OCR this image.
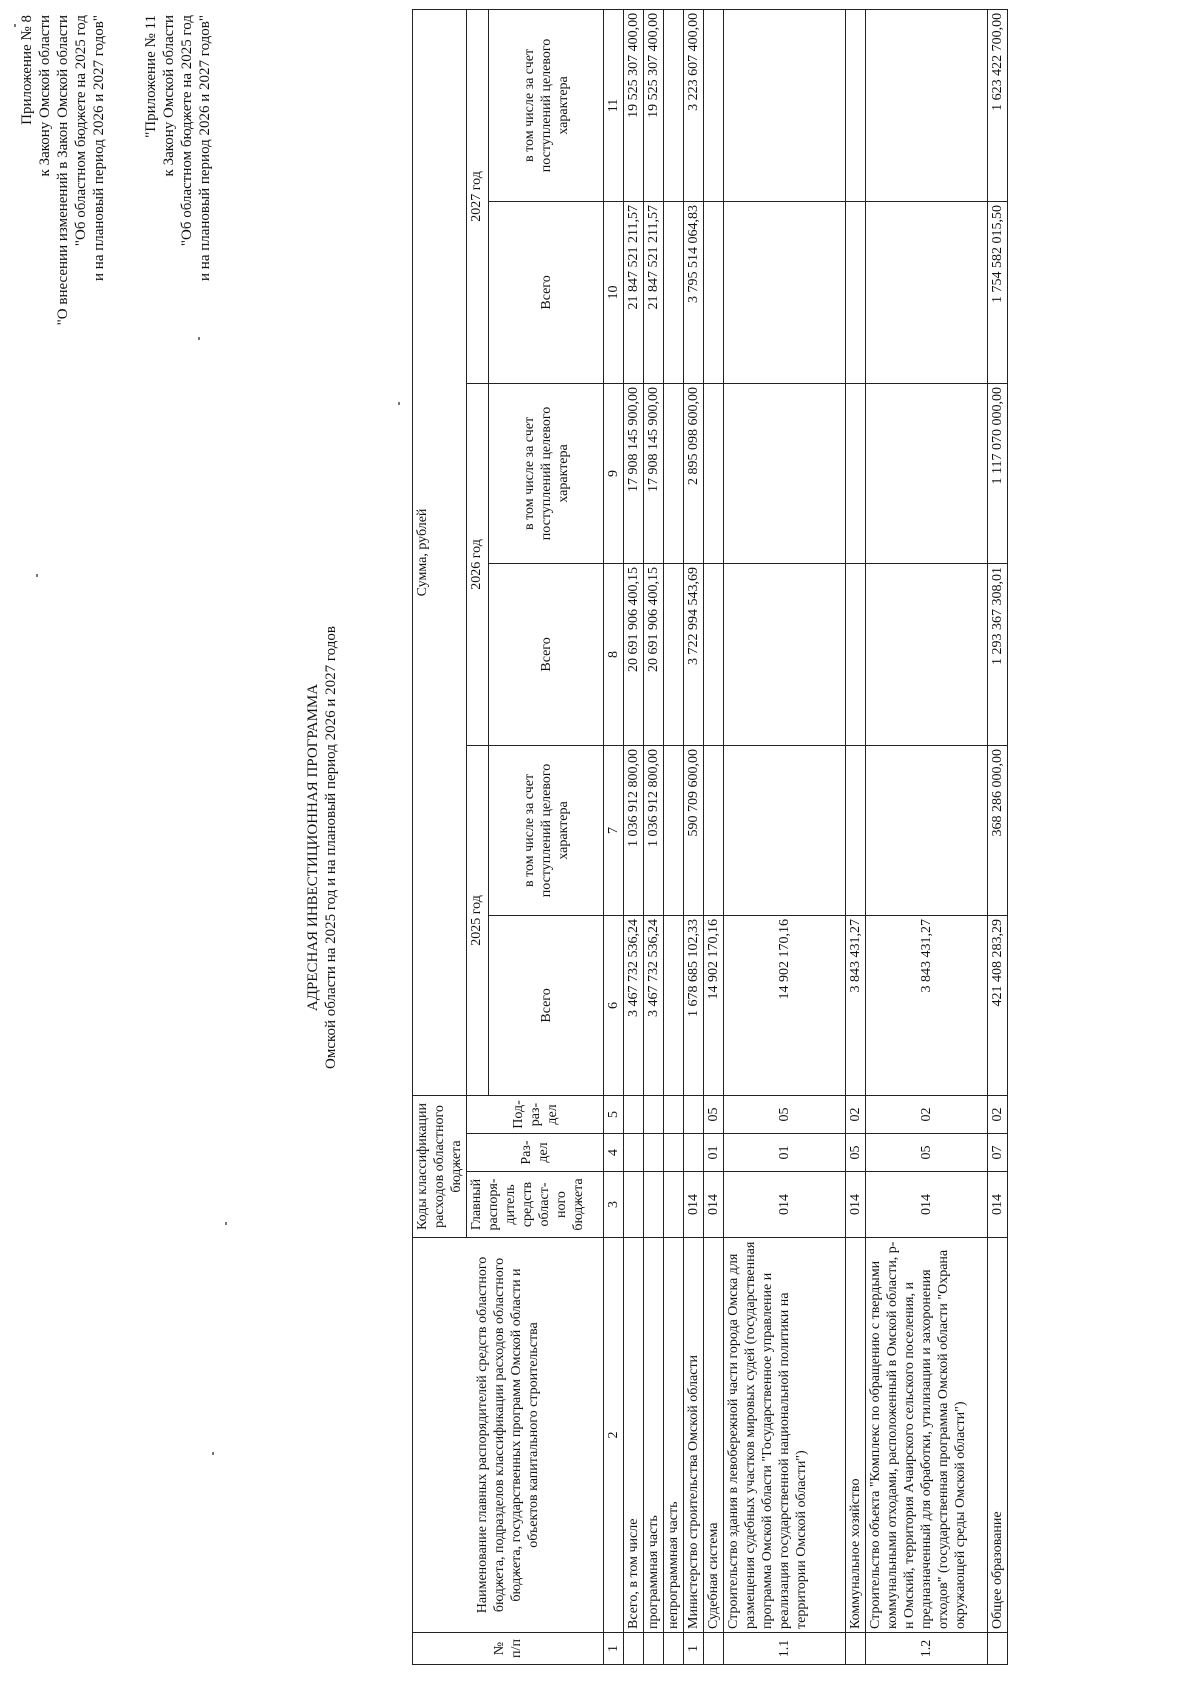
Приложение № 8 к Закону Омской области "О внесении изменений в Закон Омской области "Об областном бюджете на 2025 год и на плановый период 2026 и 2027 годов" "Приложение № 11 к Закону Омской области "Об областном бюджете на 2025 год и на плановый период 2026 и 2027 годов"
АДРЕСНАЯ ИНВЕСТИЦИОННАЯ ПРОГРАММА Омской области на 2025 год и на плановый период 2026 и 2027 годов
№ п/п	Наименование главных распорядителей средств областного бюджета, подразделов классификации расходов областного бюджета, государственных программ Омской области и объектов капитального строительства	Коды классификации расходов областного бюджета			Сумма, рублей					
		Главный распоря-дитель средств област-ного бюджета	Раз-дел	Под-раз-дел	2025 год		2026 год		2027 год	
					Всего	в том числе за счет поступлений целевого характера	Всего	в том числе за счет поступлений целевого характера	Всего	в том числе за счет поступлений целевого характера
1	2	3	4	5	6	7	8	9	10	11
	Всего, в том числе				3 467 732 536,24	1 036 912 800,00	20 691 906 400,15	17 908 145 900,00	21 847 521 211,57	19 525 307 400,00
	программная часть				3 467 732 536,24	1 036 912 800,00	20 691 906 400,15	17 908 145 900,00	21 847 521 211,57	19 525 307 400,00
	непрограммная часть									
1	Министерство строительства Омской области	014			1 678 685 102,33	590 709 600,00	3 722 994 543,69	2 895 098 600,00	3 795 514 064,83	3 223 607 400,00
	Судебная система	014	01	05	14 902 170,16					
1.1	Строительство здания в левобережной части города Омска для размещения судебных участков мировых судей (государственная программа Омской области "Государственное управление и реализация государственной национальной политики на территории Омской области")	014	01	05	14 902 170,16					
	Коммунальное хозяйство	014	05	02	3 843 431,27					
1.2	Строительство объекта "Комплекс по обращению с твердыми коммунальными отходами, расположенный в Омской области, р-н Омский, территория Ачаирского сельского поселения, и предназначенный для обработки, утилизации и захоронения отходов" (государственная программа Омской области "Охрана окружающей среды Омской области")	014	05	02	3 843 431,27					
	Общее образование	014	07	02	421 408 283,29	368 286 000,00	1 293 367 308,01	1 117 070 000,00	1 754 582 015,50	1 623 422 700,00
